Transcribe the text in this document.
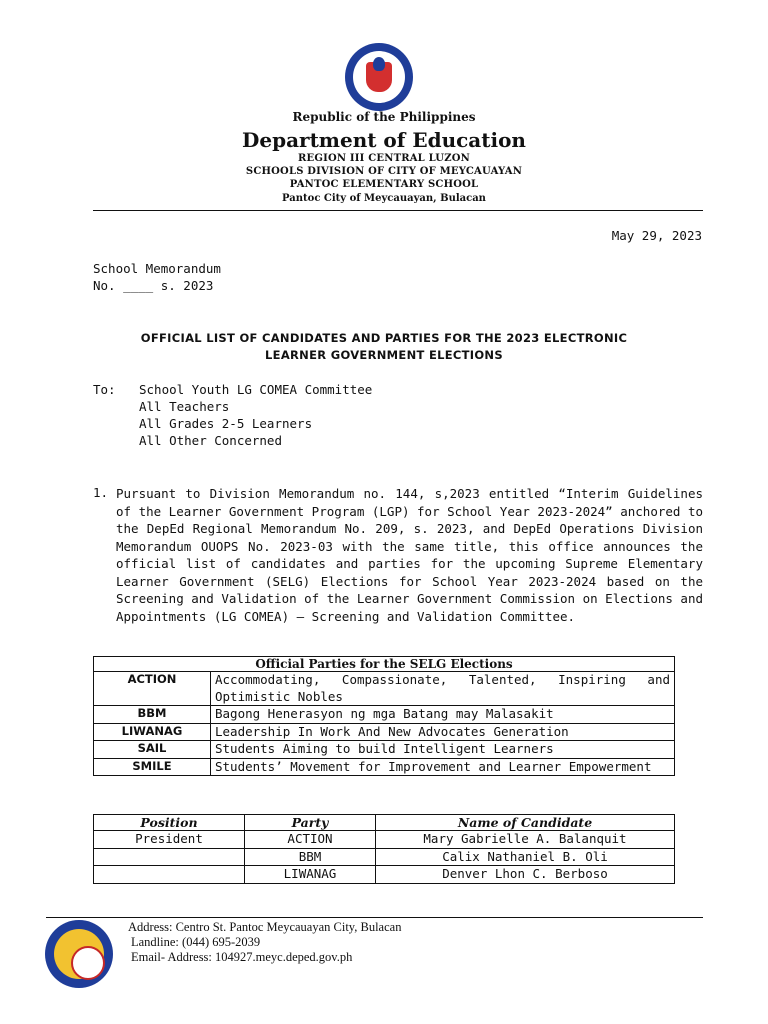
Republic of the Philippines
Department of Education
REGION III CENTRAL LUZON
SCHOOLS DIVISION OF CITY OF MEYCAUAYAN
PANTOC ELEMENTARY SCHOOL
Pantoc City of Meycauayan, Bulacan
May 29, 2023
School Memorandum
No. ____ s. 2023
OFFICIAL LIST OF CANDIDATES AND PARTIES FOR THE 2023 ELECTRONIC
LEARNER GOVERNMENT ELECTIONS
To: School Youth LG COMEA Committee
All Teachers
All Grades 2-5 Learners
All Other Concerned
1. Pursuant to Division Memorandum no. 144, s,2023 entitled “Interim Guidelines of the Learner Government Program (LGP) for School Year 2023-2024” anchored to the DepEd Regional Memorandum No. 209, s. 2023, and DepEd Operations Division Memorandum OUOPS No. 2023-03 with the same title, this office announces the official list of candidates and parties for the upcoming Supreme Elementary Learner Government (SELG) Elections for School Year 2023-2024 based on the Screening and Validation of the Learner Government Commission on Elections and Appointments (LG COMEA) – Screening and Validation Committee.
Official Parties for the SELG Elections	
ACTION	Accommodating, Compassionate, Talented, Inspiring and Optimistic Nobles
BBM	Bagong Henerasyon ng mga Batang may Malasakit
LIWANAG	Leadership In Work And New Advocates Generation
SAIL	Students Aiming to build Intelligent Learners
SMILE	Students’ Movement for Improvement and Learner Empowerment
Position	Party	Name of Candidate
President	ACTION	Mary Gabrielle A. Balanquit
	BBM	Calix Nathaniel B. Oli
	LIWANAG	Denver Lhon C. Berboso
Address: Centro St. Pantoc Meycauayan City, Bulacan
Landline: (044) 695-2039
Email- Address: 104927.meyc.deped.gov.ph
